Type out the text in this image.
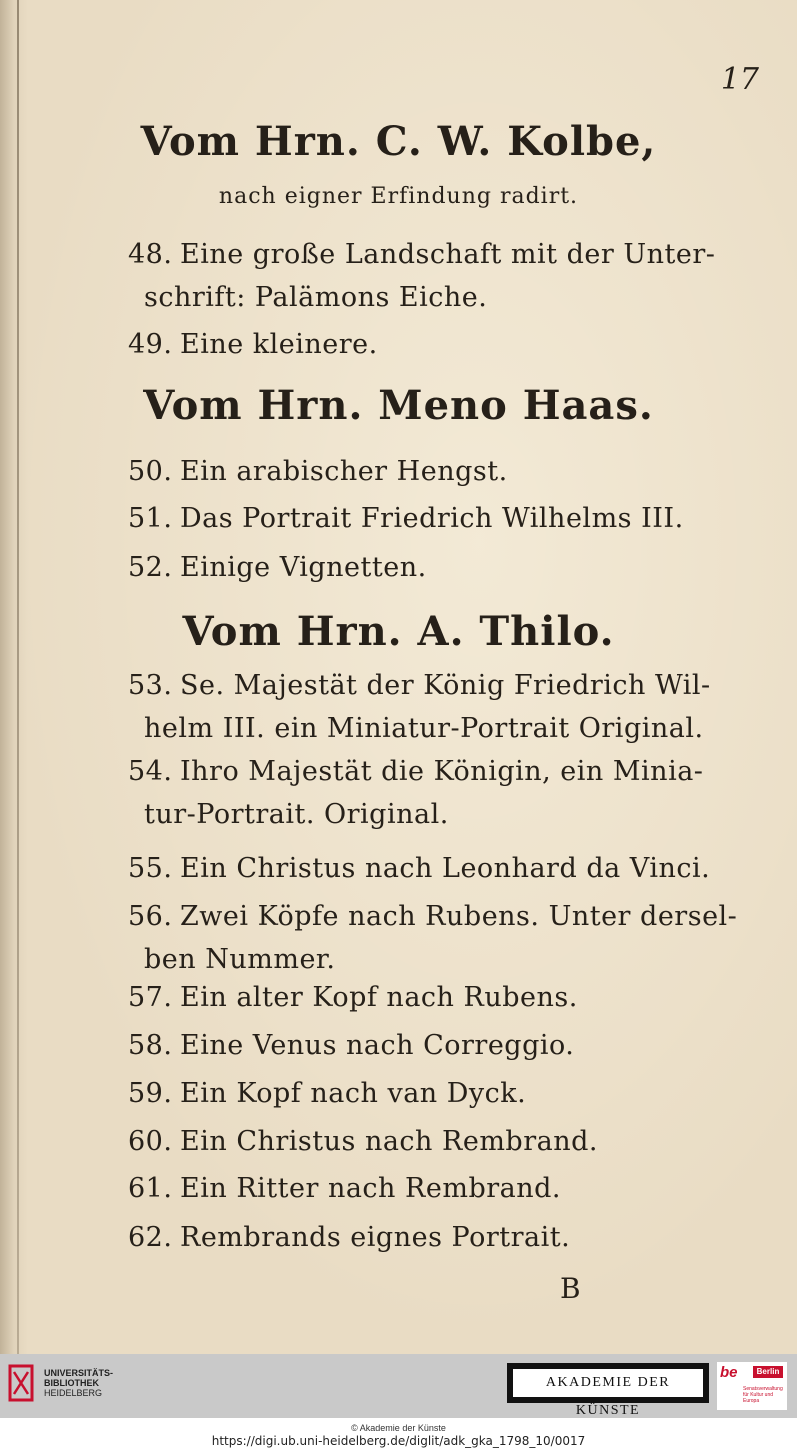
17
Vom Hrn. C. W. Kolbe,
nach eigner Erfindung radirt.
48. Eine große Landschaft mit der Unter-
schrift: Palämons Eiche.
49. Eine kleinere.
Vom Hrn. Meno Haas.
50. Ein arabischer Hengst.
51. Das Portrait Friedrich Wilhelms III.
52. Einige Vignetten.
Vom Hrn. A. Thilo.
53. Se. Majestät der König Friedrich Wil-
helm III. ein Miniatur-Portrait Original.
54. Ihro Majestät die Königin, ein Minia-
tur-Portrait. Original.
55. Ein Christus nach Leonhard da Vinci.
56. Zwei Köpfe nach Rubens. Unter dersel-
ben Nummer.
57. Ein alter Kopf nach Rubens.
58. Eine Venus nach Correggio.
59. Ein Kopf nach van Dyck.
60. Ein Christus nach Rembrand.
61. Ein Ritter nach Rembrand.
62. Rembrands eignes Portrait.
B
UNIVERSITÄTS-
BIBLIOTHEK
HEIDELBERG
AKADEMIE DER KÜNSTE
be	Berlin
Senatsverwaltung
für Kultur und Europa
© Akademie der Künste
https://digi.ub.uni-heidelberg.de/diglit/adk_gka_1798_10/0017
